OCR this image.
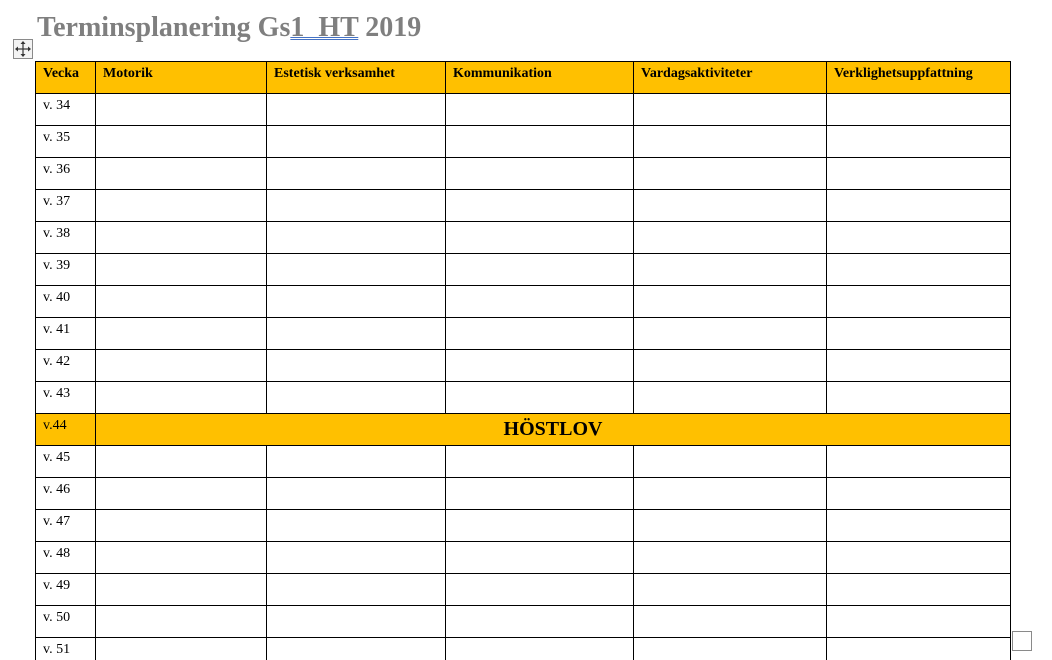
Terminsplanering Gs1  HT 2019
Vecka	Motorik	Estetisk verksamhet	Kommunikation	Vardagsaktiviteter	Verklighetsuppfattning
v. 34					
v. 35					
v. 36					
v. 37					
v. 38					
v. 39					
v. 40					
v. 41					
v. 42					
v. 43					
v.44	HÖSTLOV				
v. 45					
v. 46					
v. 47					
v. 48					
v. 49					
v. 50					
v. 51					
